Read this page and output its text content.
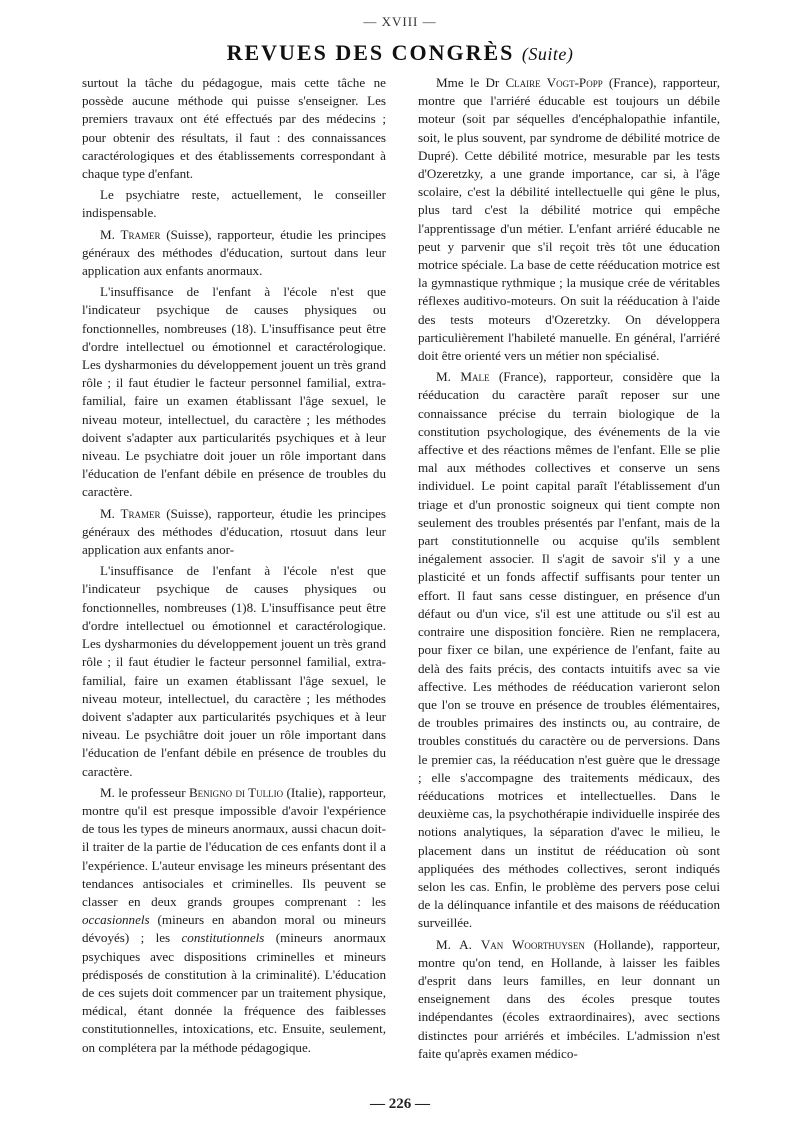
— XVIII —
REVUES DES CONGRÈS (Suite)

surtout la tâche du pédagogue, mais cette tâche ne possède aucune méthode qui puisse s'enseigner. Les premiers travaux ont été effectués par des médecins ; pour obtenir des résultats, il faut : des connaissances caractérologiques et des établissements correspondant à chaque type d'enfant.

Le psychiatre reste, actuellement, le conseiller indispensable.

M. Tramer (Suisse), rapporteur, étudie les principes généraux des méthodes d'éducation, surtout dans leur application aux enfants anormaux.

L'insuffisance de l'enfant à l'école n'est que l'indicateur psychique de causes physiques ou fonctionnelles, nombreuses (18). L'insuffisance peut être d'ordre intellectuel ou émotionnel et caractérologique. Les dysharmonies du développement jouent un très grand rôle ; il faut étudier le facteur personnel familial, extra-familial, faire un examen établissant l'âge sexuel, le niveau moteur, intellectuel, du caractère ; les méthodes doivent s'adapter aux particularités psychiques et à leur niveau. Le psychiatre doit jouer un rôle important dans l'éducation de l'enfant débile en présence de troubles du caractère.

M. Tramer (Suisse), rapporteur, étudie les principes généraux des méthodes d'éducation, rtosuut dans leur application aux enfants anor-

L'insuffisance de l'enfant à l'école n'est que l'indicateur psychique de causes physiques ou fonctionnelles, nombreuses (1)8. L'insuffisance peut être d'ordre intellectuel ou émotionnel et caractérologique. Les dysharmonies du développement jouent un très grand rôle ; il faut étudier le facteur personnel familial, extra-familial, faire un examen établissant l'âge sexuel, le niveau moteur, intellectuel, du caractère ; les méthodes doivent s'adapter aux particularités psychiques et à leur niveau. Le psychiâtre doit jouer un rôle important dans l'éducation de l'enfant débile en présence de troubles du caractère.

M. le professeur Benigno di Tullio (Italie), rapporteur, montre qu'il est presque impossible d'avoir l'expérience de tous les types de mineurs anormaux, aussi chacun doit-il traiter de la partie de l'éducation de ces enfants dont il a l'expérience. L'auteur envisage les mineurs présentant des tendances antisociales et criminelles. Ils peuvent se classer en deux grands groupes comprenant : les occasionnels (mineurs en abandon moral ou mineurs dévoyés) ; les constitutionnels (mineurs anormaux psychiques avec dispositions criminelles et mineurs prédisposés de constitution à la criminalité). L'éducation de ces sujets doit commencer par un traitement physique, médical, étant donnée la fréquence des faiblesses constitutionnelles, intoxications, etc. Ensuite, seulement, on complétera par la méthode pédagogique.

Mme le Dr Claire Vogt-Popp (France), rapporteur, montre que l'arriéré éducable est toujours un débile moteur (soit par séquelles d'encéphalopathie infantile, soit, le plus souvent, par syndrome de débilité motrice de Dupré). Cette débilité motrice, mesurable par les tests d'Ozeretzky, a une grande importance, car si, à l'âge scolaire, c'est la débilité intellectuelle qui gêne le plus, plus tard c'est la débilité motrice qui empêche l'apprentissage d'un métier. L'enfant arriéré éducable ne peut y parvenir que s'il reçoit très tôt une éducation motrice spéciale. La base de cette rééducation motrice est la gymnastique rythmique ; la musique crée de véritables réflexes auditivo-moteurs. On suit la rééducation à l'aide des tests moteurs d'Ozeretzky. On développera particulièrement l'habileté manuelle. En général, l'arriéré doit être orienté vers un métier non spécialisé.

M. Male (France), rapporteur, considère que la rééducation du caractère paraît reposer sur une connaissance précise du terrain biologique de la constitution psychologique, des événements de la vie affective et des réactions mêmes de l'enfant. Elle se plie mal aux méthodes collectives et conserve un sens individuel. Le point capital paraît l'établissement d'un triage et d'un pronostic soigneux qui tient compte non seulement des troubles présentés par l'enfant, mais de la part constitutionnelle ou acquise qu'ils semblent inégalement associer. Il s'agit de savoir s'il y a une plasticité et un fonds affectif suffisants pour tenter un effort. Il faut sans cesse distinguer, en présence d'un défaut ou d'un vice, s'il est une attitude ou s'il est au contraire une disposition foncière. Rien ne remplacera, pour fixer ce bilan, une expérience de l'enfant, faite au delà des faits précis, des contacts intuitifs avec sa vie affective. Les méthodes de rééducation varieront selon que l'on se trouve en présence de troubles élémentaires, de troubles primaires des instincts ou, au contraire, de troubles constitués du caractère ou de perversions. Dans le premier cas, la rééducation n'est guère que le dressage ; elle s'accompagne des traitements médicaux, des rééducations motrices et intellectuelles. Dans le deuxième cas, la psychothérapie individuelle inspirée des notions analytiques, la séparation d'avec le milieu, le placement dans un institut de rééducation où sont appliquées des méthodes collectives, seront indiqués selon les cas. Enfin, le problème des pervers pose celui de la délinquance infantile et des maisons de rééducation surveillée.

M. A. Van Woorthuysen (Hollande), rapporteur, montre qu'on tend, en Hollande, à laisser les faibles d'esprit dans leurs familles, en leur donnant un enseignement dans des écoles presque toutes indépendantes (écoles extraordinaires), avec sections distinctes pour arriérés et imbéciles. L'admission n'est faite qu'après examen médico-

— 226 —
